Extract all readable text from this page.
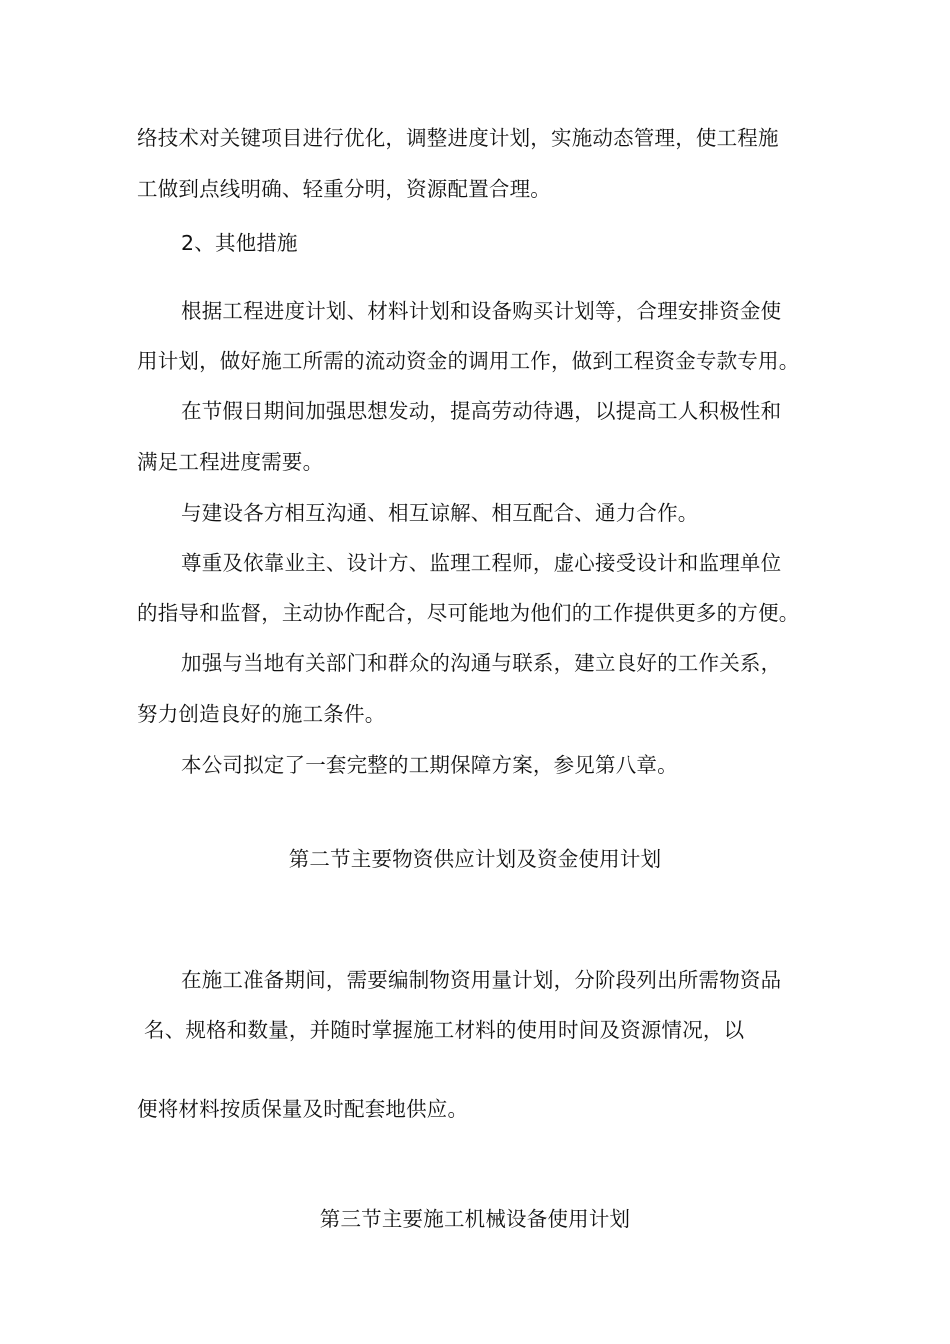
络技术对关键项目进行优化，调整进度计划，实施动态管理，使工程施

工做到点线明确、轻重分明，资源配置合理。

2、其他措施

根据工程进度计划、材料计划和设备购买计划等，合理安排资金使

用计划，做好施工所需的流动资金的调用工作，做到工程资金专款专用。

在节假日期间加强思想发动，提高劳动待遇，以提高工人积极性和

满足工程进度需要。

与建设各方相互沟通、相互谅解、相互配合、通力合作。

尊重及依靠业主、设计方、监理工程师，虚心接受设计和监理单位

的指导和监督，主动协作配合，尽可能地为他们的工作提供更多的方便。

加强与当地有关部门和群众的沟通与联系，建立良好的工作关系，

努力创造良好的施工条件。

本公司拟定了一套完整的工期保障方案，参见第八章。

第二节主要物资供应计划及资金使用计划

在施工准备期间，需要编制物资用量计划，分阶段列出所需物资品

名、规格和数量，并随时掌握施工材料的使用时间及资源情况，以

便将材料按质保量及时配套地供应。

第三节主要施工机械设备使用计划
